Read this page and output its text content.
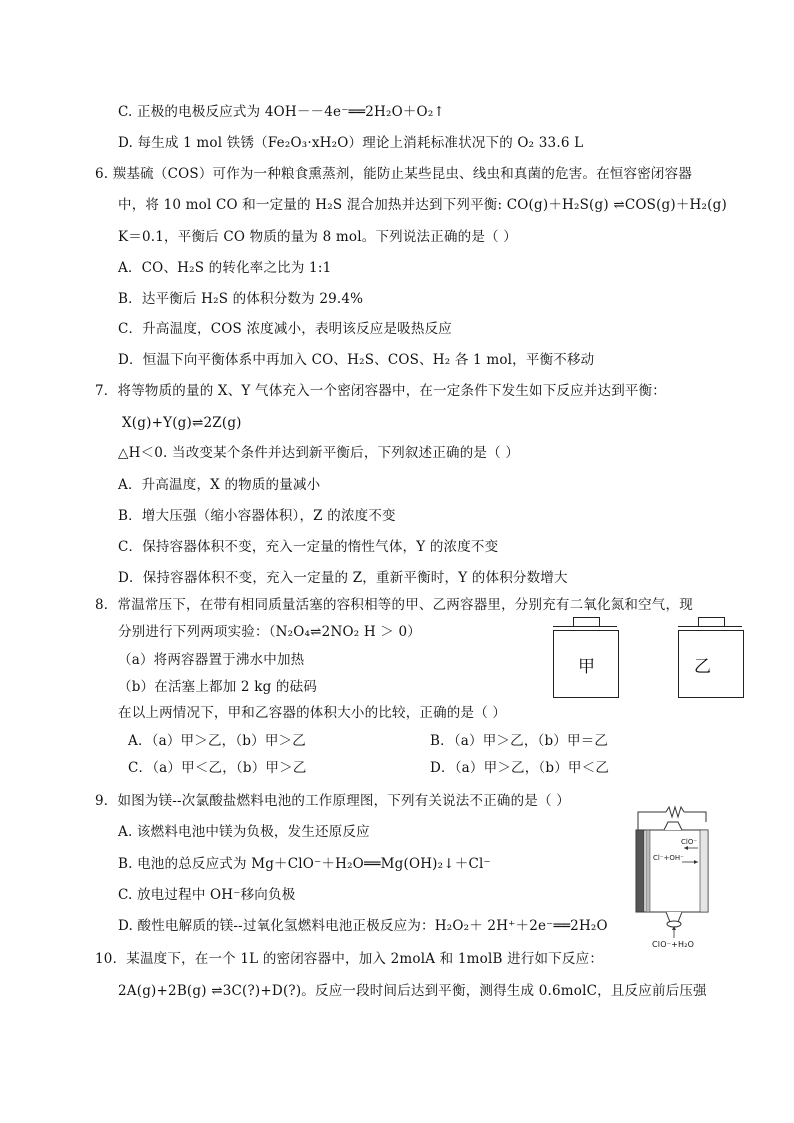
C. 正极的电极反应式为 4OH－－4e⁻══2H₂O＋O₂↑
D. 每生成 1 mol 铁锈（Fe₂O₃·xH₂O）理论上消耗标准状况下的 O₂ 33.6 L
6. 羰基硫（COS）可作为一种粮食熏蒸剂，能防止某些昆虫、线虫和真菌的危害。在恒容密闭容器
中，将 10 mol CO 和一定量的 H₂S 混合加热并达到下列平衡: CO(g)＋H₂S(g) ⇌COS(g)＋H₂(g)
K＝0.1，平衡后 CO 物质的量为 8 mol。下列说法正确的是（ ）
A．CO、H₂S 的转化率之比为 1:1
B．达平衡后 H₂S 的体积分数为 29.4%
C．升高温度，COS 浓度减小，表明该反应是吸热反应
D．恒温下向平衡体系中再加入 CO、H₂S、COS、H₂ 各 1 mol，平衡不移动
7．将等物质的量的 X、Y 气体充入一个密闭容器中，在一定条件下发生如下反应并达到平衡：
X(g)+Y(g)⇌2Z(g)
△H＜0. 当改变某个条件并达到新平衡后，下列叙述正确的是（ ）
A．升高温度，X 的物质的量减小
B．增大压强（缩小容器体积），Z 的浓度不变
C．保持容器体积不变，充入一定量的惰性气体，Y 的浓度不变
D．保持容器体积不变，充入一定量的 Z，重新平衡时，Y 的体积分数增大
8．常温常压下，在带有相同质量活塞的容积相等的甲、乙两容器里，分别充有二氧化氮和空气，现
分别进行下列两项实验：（N₂O₄⇌2NO₂ H ＞ 0）
（a）将两容器置于沸水中加热
（b）在活塞上都加 2 kg 的砝码
在以上两情况下，甲和乙容器的体积大小的比较，正确的是（ ）
A．（a）甲＞乙，（b）甲＞乙	B．（a）甲＞乙，（b）甲＝乙
C．（a）甲＜乙，（b）甲＞乙	D．（a）甲＞乙，（b）甲＜乙
甲	乙
9．如图为镁--次氯酸盐燃料电池的工作原理图，下列有关说法不正确的是（ ）
A. 该燃料电池中镁为负极，发生还原反应
B. 电池的总反应式为 Mg＋ClO⁻＋H₂O══Mg(OH)₂↓＋Cl⁻
C. 放电过程中 OH⁻移向负极
D. 酸性电解质的镁--过氧化氢燃料电池正极反应为：H₂O₂＋ 2H⁺＋2e⁻══2H₂O
ClO⁻
Cl⁻+OH⁻
ClO⁻+H₂O
10．某温度下，在一个 1L 的密闭容器中，加入 2molA 和 1molB 进行如下反应：
2A(g)+2B(g) ⇌3C(?)+D(?)。反应一段时间后达到平衡，测得生成 0.6molC，且反应前后压强
